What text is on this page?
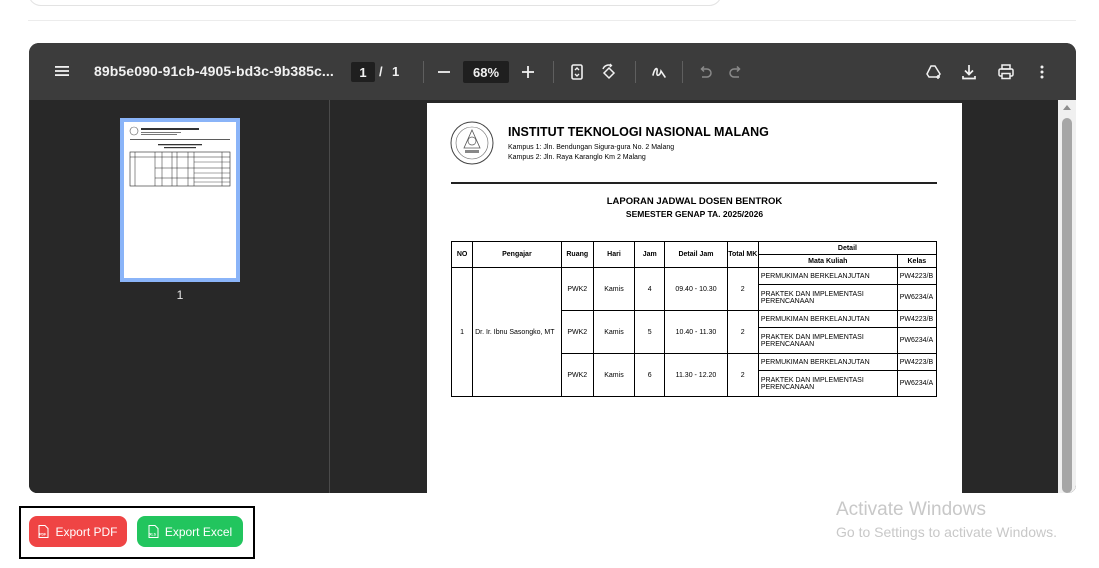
89b5e090-91cb-4905-bd3c-9b385c...	1 / 1	68%
1
INSTITUT TEKNOLOGI NASIONAL MALANG
Kampus 1: Jln. Bendungan Sigura-gura No. 2 Malang
Kampus 2: Jln. Raya Karanglo Km 2 Malang
LAPORAN JADWAL DOSEN BENTROK
SEMESTER GENAP TA. 2025/2026
NO	Pengajar	Ruang	Hari	Jam	Detail Jam	Total MK	Detail	
							Mata Kuliah	Kelas
1	Dr. Ir. Ibnu Sasongko, MT	PWK2	Kamis	4	09.40 - 10.30	2	PERMUKIMAN BERKELANJUTAN	PW4223/B
							PRAKTEK DAN IMPLEMENTASI PERENCANAAN	PW6234/A
		PWK2	Kamis	5	10.40 - 11.30	2	PERMUKIMAN BERKELANJUTAN	PW4223/B
							PRAKTEK DAN IMPLEMENTASI PERENCANAAN	PW6234/A
		PWK2	Kamis	6	11.30 - 12.20	2	PERMUKIMAN BERKELANJUTAN	PW4223/B
							PRAKTEK DAN IMPLEMENTASI PERENCANAAN	PW6234/A
PDF Export PDF	XLS Export Excel
Activate Windows
Go to Settings to activate Windows.
